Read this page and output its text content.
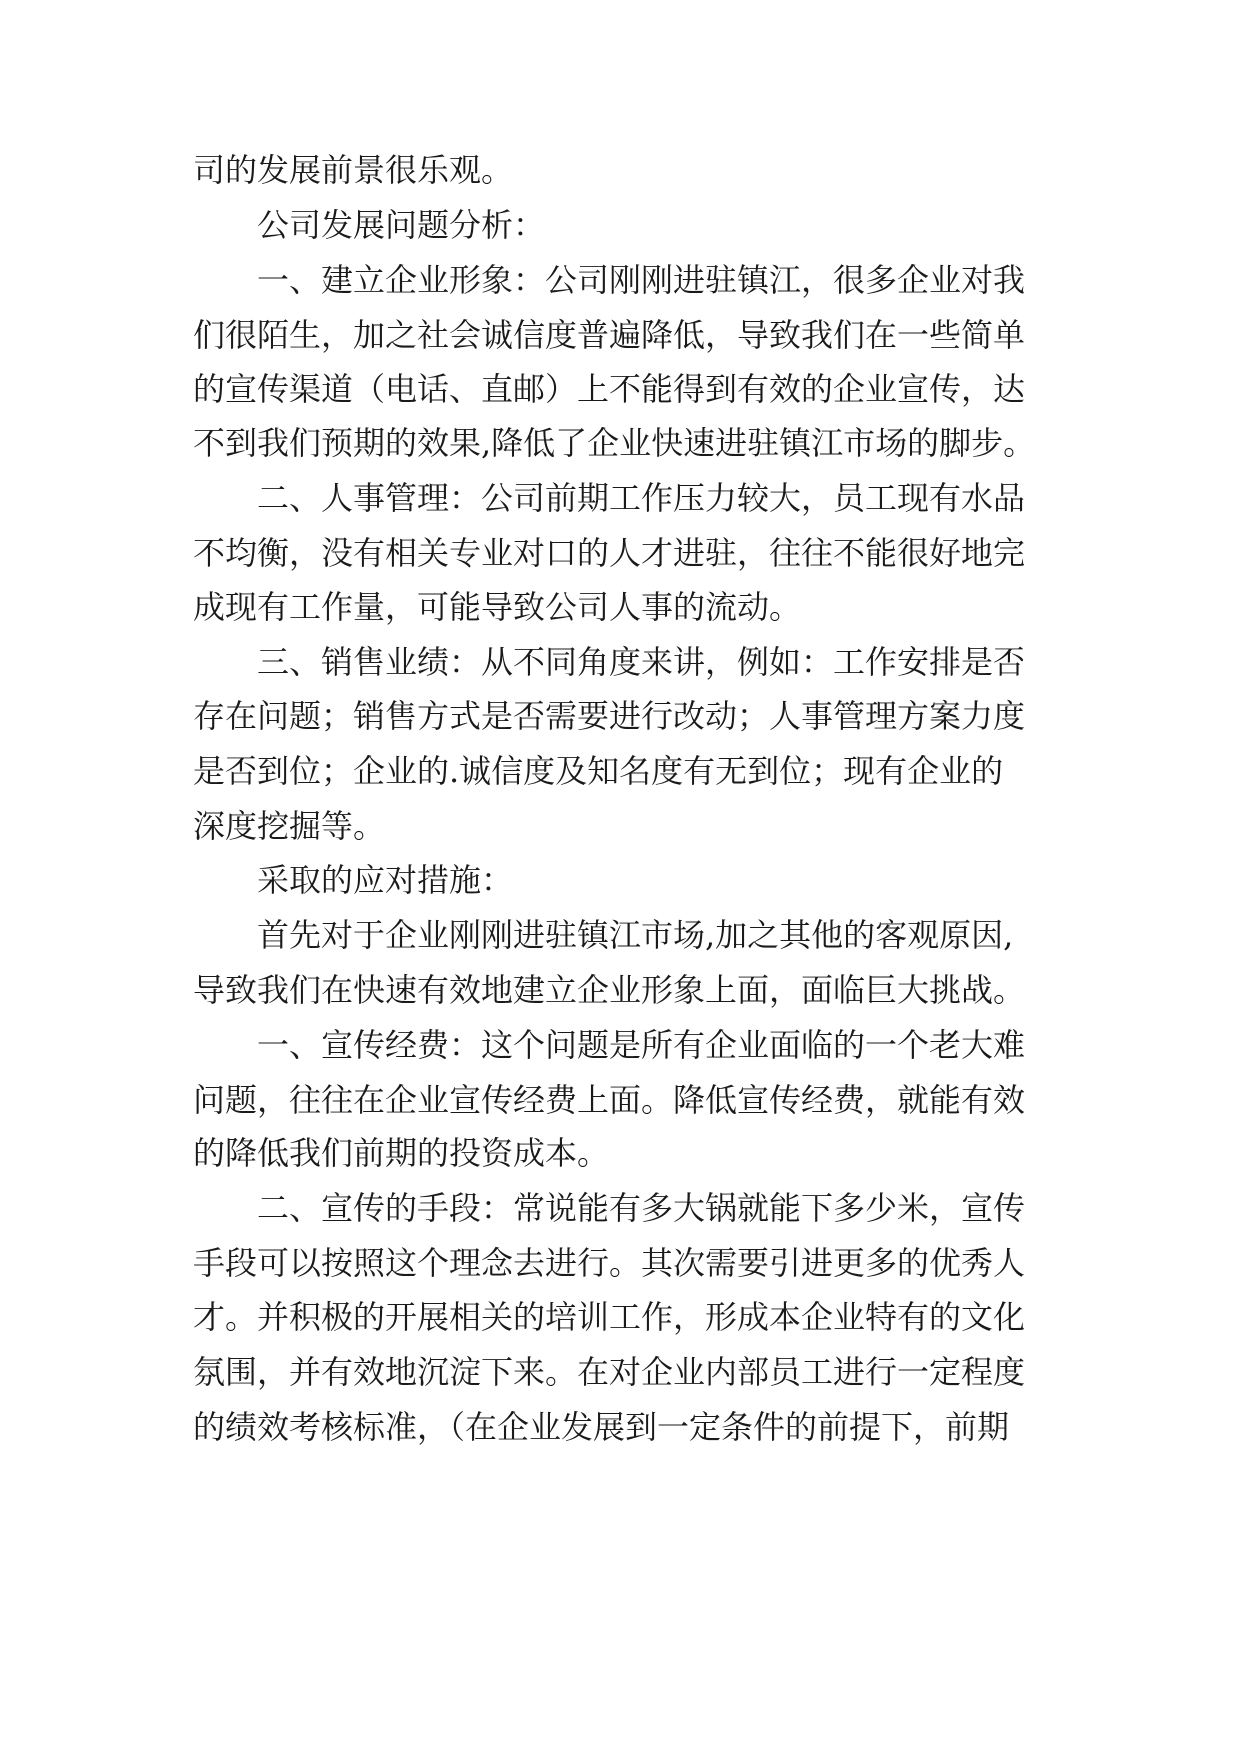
司的发展前景很乐观。
公司发展问题分析：
一、建立企业形象：公司刚刚进驻镇江，很多企业对我
们很陌生，加之社会诚信度普遍降低，导致我们在一些简单
的宣传渠道（电话、直邮）上不能得到有效的企业宣传，达
不到我们预期的效果,降低了企业快速进驻镇江市场的脚步。
二、人事管理：公司前期工作压力较大，员工现有水品
不均衡，没有相关专业对口的人才进驻，往往不能很好地完
成现有工作量，可能导致公司人事的流动。
三、销售业绩：从不同角度来讲，例如：工作安排是否
存在问题；销售方式是否需要进行改动；人事管理方案力度
是否到位；企业的.诚信度及知名度有无到位；现有企业的
深度挖掘等。
采取的应对措施：
首先对于企业刚刚进驻镇江市场,加之其他的客观原因,
导致我们在快速有效地建立企业形象上面，面临巨大挑战。
一、宣传经费：这个问题是所有企业面临的一个老大难
问题，往往在企业宣传经费上面。降低宣传经费，就能有效
的降低我们前期的投资成本。
二、宣传的手段：常说能有多大锅就能下多少米，宣传
手段可以按照这个理念去进行。其次需要引进更多的优秀人
才。并积极的开展相关的培训工作，形成本企业特有的文化
氛围，并有效地沉淀下来。在对企业内部员工进行一定程度
的绩效考核标准，（在企业发展到一定条件的前提下，前期
